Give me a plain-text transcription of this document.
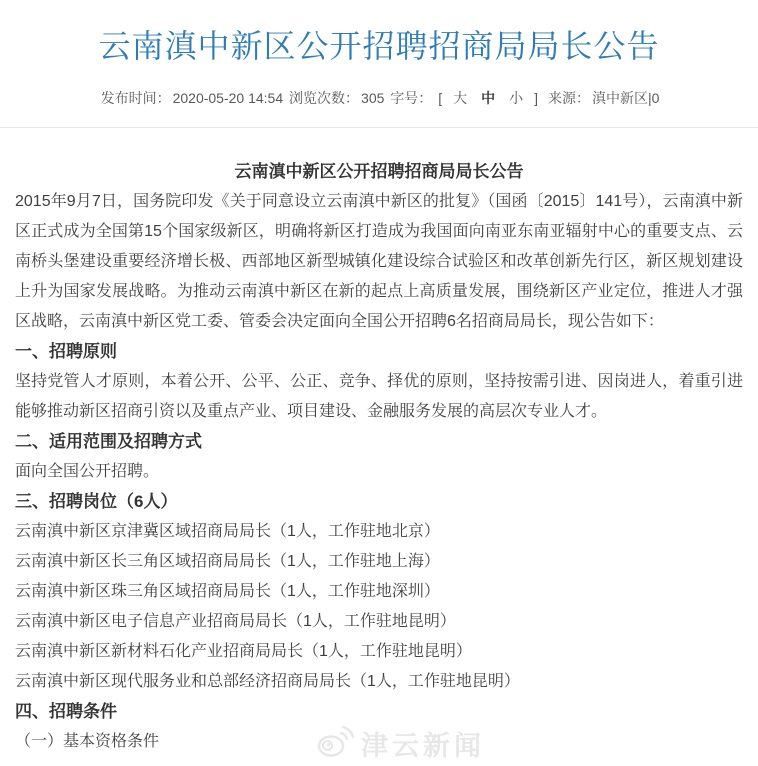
云南滇中新区公开招聘招商局局长公告
发布时间： 2020-05-20 14:54 浏览次数： 305 字号： [ 大 中 小 ] 来源： 滇中新区|0
云南滇中新区公开招聘招商局局长公告

2015年9月7日，国务院印发《关于同意设立云南滇中新区的批复》（国函〔2015〕141号），云南滇中新区正式成为全国第15个国家级新区，明确将新区打造成为我国面向南亚东南亚辐射中心的重要支点、云南桥头堡建设重要经济增长极、西部地区新型城镇化建设综合试验区和改革创新先行区，新区规划建设上升为国家发展战略。为推动云南滇中新区在新的起点上高质量发展，围绕新区产业定位，推进人才强区战略，云南滇中新区党工委、管委会决定面向全国公开招聘6名招商局局长，现公告如下：

一、招聘原则

坚持党管人才原则，本着公开、公平、公正、竞争、择优的原则，坚持按需引进、因岗进人，着重引进能够推动新区招商引资以及重点产业、项目建设、金融服务发展的高层次专业人才。

二、适用范围及招聘方式

面向全国公开招聘。

三、招聘岗位（6人）

云南滇中新区京津冀区域招商局局长（1人，工作驻地北京）

云南滇中新区长三角区域招商局局长（1人，工作驻地上海）

云南滇中新区珠三角区域招商局局长（1人，工作驻地深圳）

云南滇中新区电子信息产业招商局局长（1人，工作驻地昆明）

云南滇中新区新材料石化产业招商局局长（1人，工作驻地昆明）

云南滇中新区现代服务业和总部经济招商局局长（1人，工作驻地昆明）

四、招聘条件

（一）基本资格条件	津云新闻
